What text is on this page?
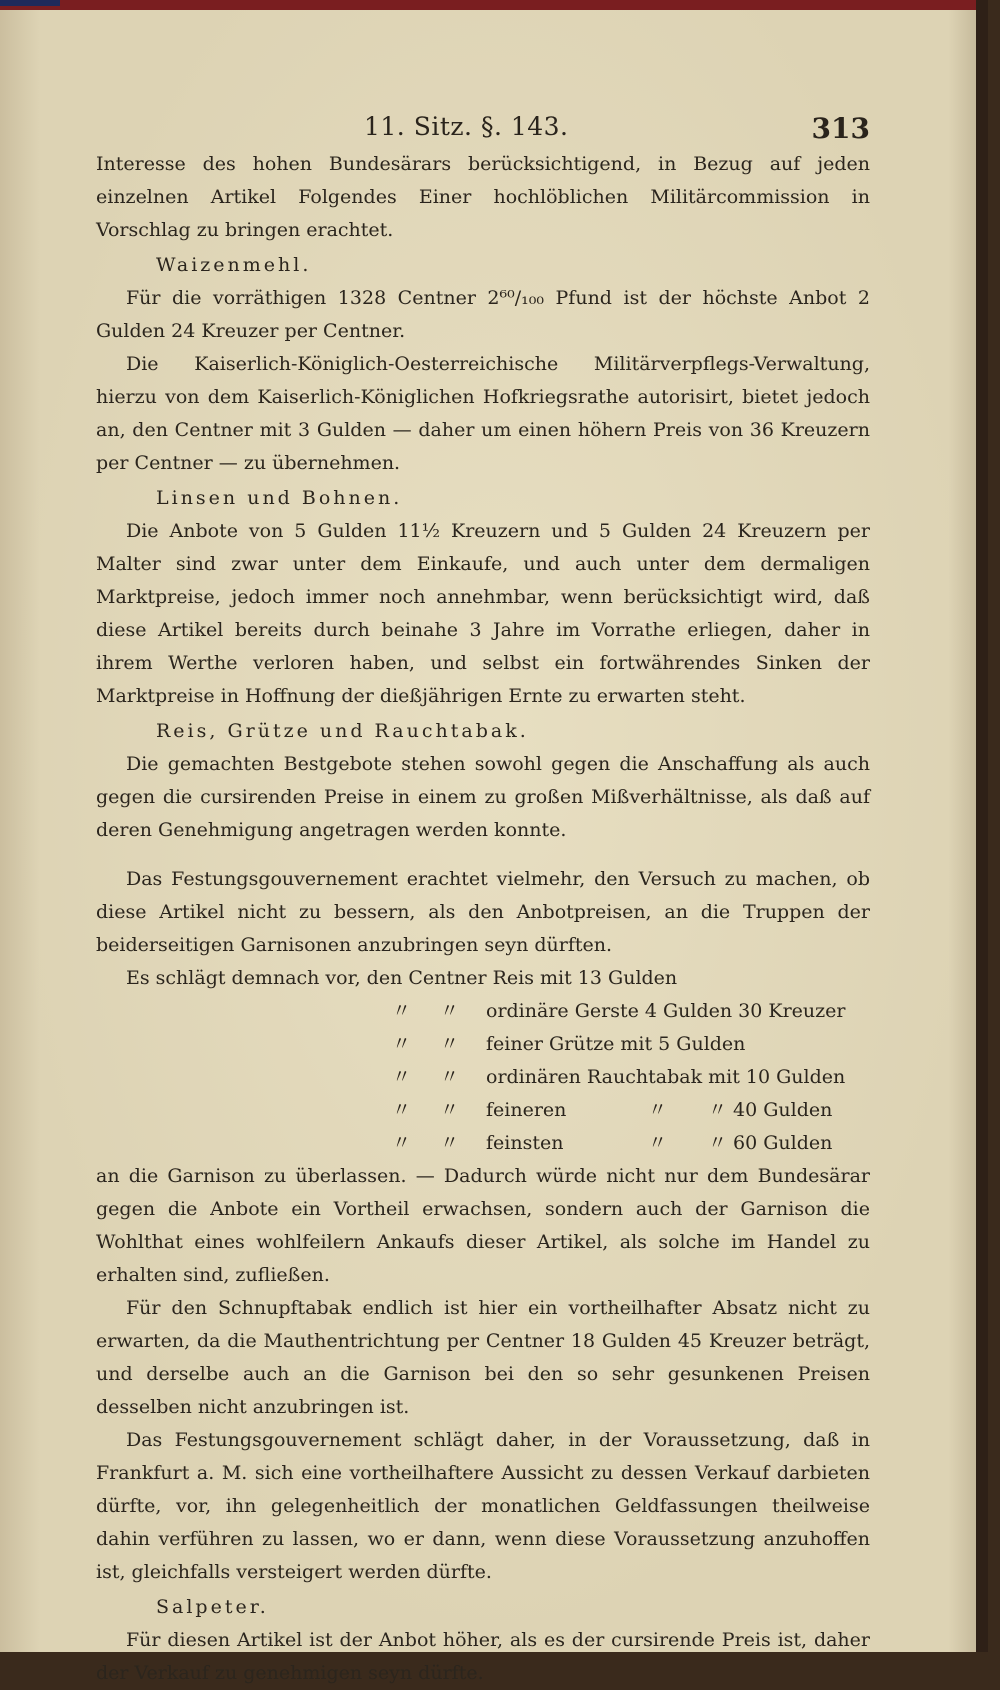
11. Sitz. §. 143.	313

Interesse des hohen Bundesärars berücksichtigend, in Bezug auf jeden einzelnen Artikel Folgendes Einer hochlöblichen Militärcommission in Vorschlag zu bringen erachtet.

Waizenmehl.

Für die vorräthigen 1328 Centner 2⁶⁰/₁₀₀ Pfund ist der höchste Anbot 2 Gulden 24 Kreuzer per Centner.

Die Kaiserlich-Königlich-Oesterreichische Militärverpflegs-Verwaltung, hierzu von dem Kaiserlich-Königlichen Hofkriegsrathe autorisirt, bietet jedoch an, den Centner mit 3 Gulden — daher um einen höhern Preis von 36 Kreuzern per Centner — zu übernehmen.

Linsen und Bohnen.

Die Anbote von 5 Gulden 11½ Kreuzern und 5 Gulden 24 Kreuzern per Malter sind zwar unter dem Einkaufe, und auch unter dem dermaligen Marktpreise, jedoch immer noch annehmbar, wenn berücksichtigt wird, daß diese Artikel bereits durch beinahe 3 Jahre im Vorrathe erliegen, daher in ihrem Werthe verloren haben, und selbst ein fortwährendes Sinken der Marktpreise in Hoffnung der dießjährigen Ernte zu erwarten steht.

Reis, Grütze und Rauchtabak.

Die gemachten Bestgebote stehen sowohl gegen die Anschaffung als auch gegen die cursirenden Preise in einem zu großen Mißverhältnisse, als daß auf deren Genehmigung angetragen werden konnte.

Das Festungsgouvernement erachtet vielmehr, den Versuch zu machen, ob diese Artikel nicht zu bessern, als den Anbotpreisen, an die Truppen der beiderseitigen Garnisonen anzubringen seyn dürften.

Es schlägt demnach vor, den Centner Reis mit 13 Gulden

〃 〃 ordinäre Gerste 4 Gulden 30 Kreuzer
〃 〃 feiner Grütze mit 5 Gulden
〃 〃 ordinären Rauchtabak mit 10 Gulden
〃 〃 feineren	〃 〃 40 Gulden
〃 〃 feinsten	〃 〃 60 Gulden

an die Garnison zu überlassen. — Dadurch würde nicht nur dem Bundesärar gegen die Anbote ein Vortheil erwachsen, sondern auch der Garnison die Wohlthat eines wohlfeilern Ankaufs dieser Artikel, als solche im Handel zu erhalten sind, zufließen.

Für den Schnupftabak endlich ist hier ein vortheilhafter Absatz nicht zu erwarten, da die Mauthentrichtung per Centner 18 Gulden 45 Kreuzer beträgt, und derselbe auch an die Garnison bei den so sehr gesunkenen Preisen desselben nicht anzubringen ist.

Das Festungsgouvernement schlägt daher, in der Voraussetzung, daß in Frankfurt a. M. sich eine vortheilhaftere Aussicht zu dessen Verkauf darbieten dürfte, vor, ihn gelegenheitlich der monatlichen Geldfassungen theilweise dahin verführen zu lassen, wo er dann, wenn diese Voraussetzung anzuhoffen ist, gleichfalls versteigert werden dürfte.

Salpeter.

Für diesen Artikel ist der Anbot höher, als es der cursirende Preis ist, daher der Verkauf zu genehmigen seyn dürfte.
